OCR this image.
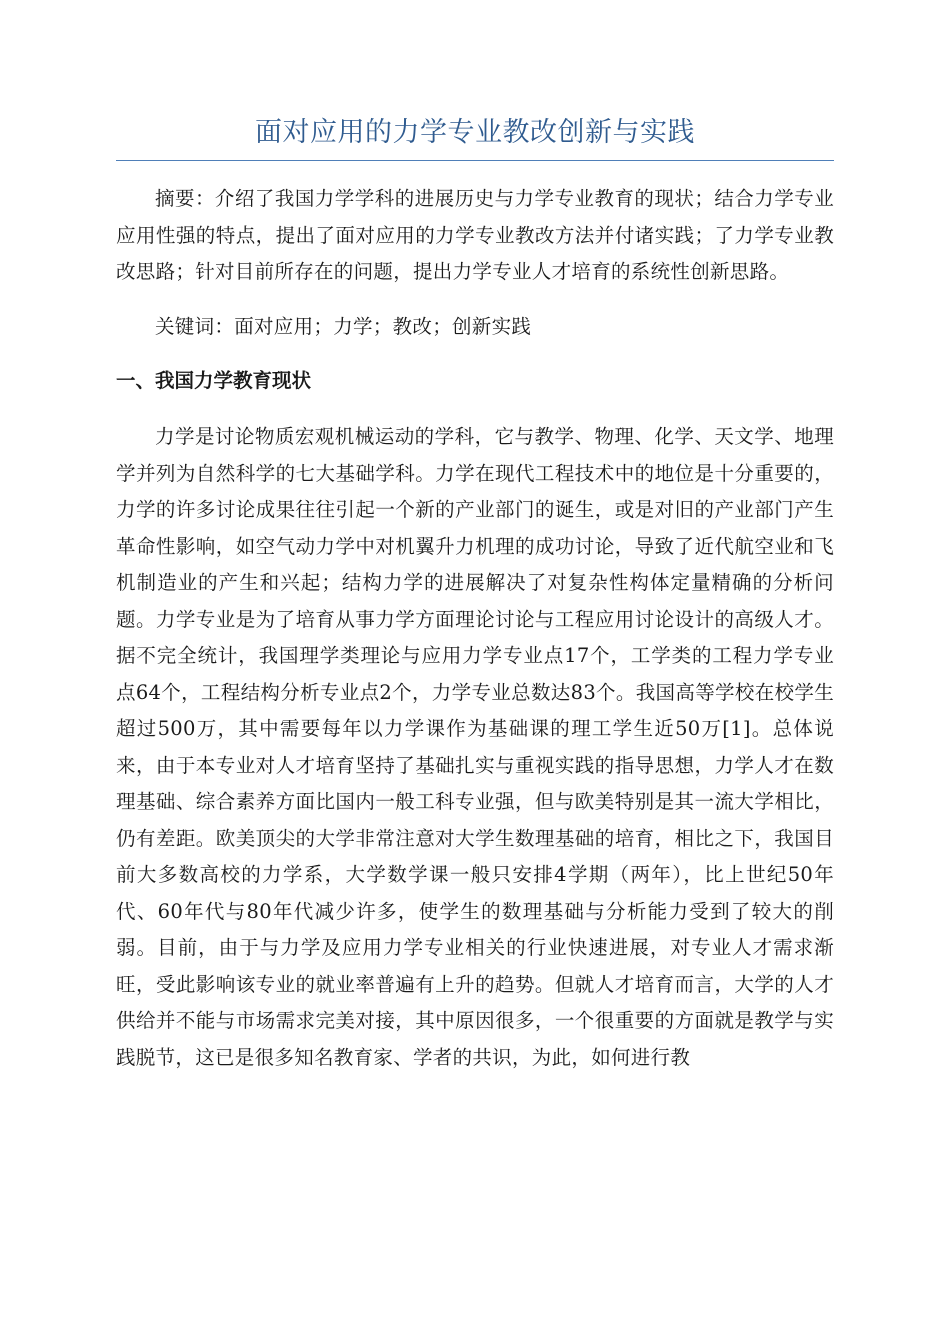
面对应用的力学专业教改创新与实践

摘要：介绍了我国力学学科的进展历史与力学专业教育的现状；结合力学专业应用性强的特点，提出了面对应用的力学专业教改方法并付诸实践；了力学专业教改思路；针对目前所存在的问题，提出力学专业人才培育的系统性创新思路。

关键词：面对应用；力学；教改；创新实践

一、我国力学教育现状

力学是讨论物质宏观机械运动的学科，它与教学、物理、化学、天文学、地理学并列为自然科学的七大基础学科。力学在现代工程技术中的地位是十分重要的，力学的许多讨论成果往往引起一个新的产业部门的诞生，或是对旧的产业部门产生革命性影响，如空气动力学中对机翼升力机理的成功讨论，导致了近代航空业和飞机制造业的产生和兴起；结构力学的进展解决了对复杂性构体定量精确的分析问题。力学专业是为了培育从事力学方面理论讨论与工程应用讨论设计的高级人才。据不完全统计，我国理学类理论与应用力学专业点17个，工学类的工程力学专业点64个，工程结构分析专业点2个，力学专业总数达83个。我国高等学校在校学生超过500万，其中需要每年以力学课作为基础课的理工学生近50万[1]。总体说来，由于本专业对人才培育坚持了基础扎实与重视实践的指导思想，力学人才在数理基础、综合素养方面比国内一般工科专业强，但与欧美特别是其一流大学相比，仍有差距。欧美顶尖的大学非常注意对大学生数理基础的培育，相比之下，我国目前大多数高校的力学系，大学数学课一般只安排4学期（两年），比上世纪50年代、60年代与80年代减少许多，使学生的数理基础与分析能力受到了较大的削弱。目前，由于与力学及应用力学专业相关的行业快速进展，对专业人才需求渐旺，受此影响该专业的就业率普遍有上升的趋势。但就人才培育而言，大学的人才供给并不能与市场需求完美对接，其中原因很多，一个很重要的方面就是教学与实践脱节，这已是很多知名教育家、学者的共识，为此，如何进行教
